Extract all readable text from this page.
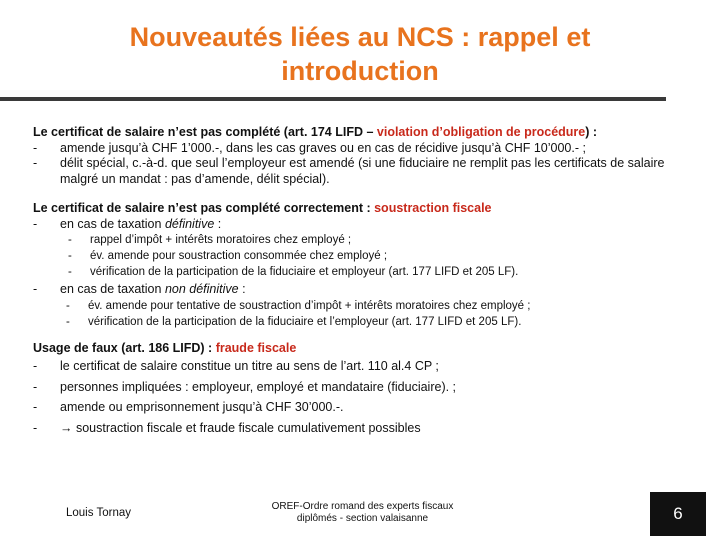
Nouveautés liées au NCS : rappel et
introduction
Le certificat de salaire n’est pas complété (art. 174 LIFD – violation d’obligation de procédure) :
-	amende jusqu’à CHF 1’000.-, dans les cas graves ou en cas de récidive jusqu’à CHF 10’000.- ;
-	délit spécial, c.-à-d. que seul l’employeur est amendé (si une fiduciaire ne remplit pas les certificats de salaire malgré un mandat : pas d’amende, délit spécial).
Le certificat de salaire n’est pas complété correctement : soustraction fiscale
-	en cas de taxation définitive :
-	rappel d’impôt + intérêts moratoires chez employé ;
-	év. amende pour soustraction consommée chez employé ;
-	vérification de la participation de la fiduciaire et employeur (art. 177 LIFD et 205 LF).
-	en cas de taxation non définitive :
-	év. amende pour tentative de soustraction d’impôt + intérêts moratoires chez employé ;
-	vérification de la participation de la fiduciaire et l’employeur (art. 177 LIFD et 205 LF).
Usage de faux (art. 186 LIFD) : fraude fiscale
-	le certificat de salaire constitue un titre au sens de l’art. 110 al.4 CP ;
-	personnes impliquées : employeur, employé et mandataire (fiduciaire). ;
-	amende ou emprisonnement jusqu’à CHF 30’000.-.
-	→ soustraction fiscale et fraude fiscale cumulativement possibles
Louis Tornay
OREF-Ordre romand des experts fiscaux
diplômés - section valaisanne	6
